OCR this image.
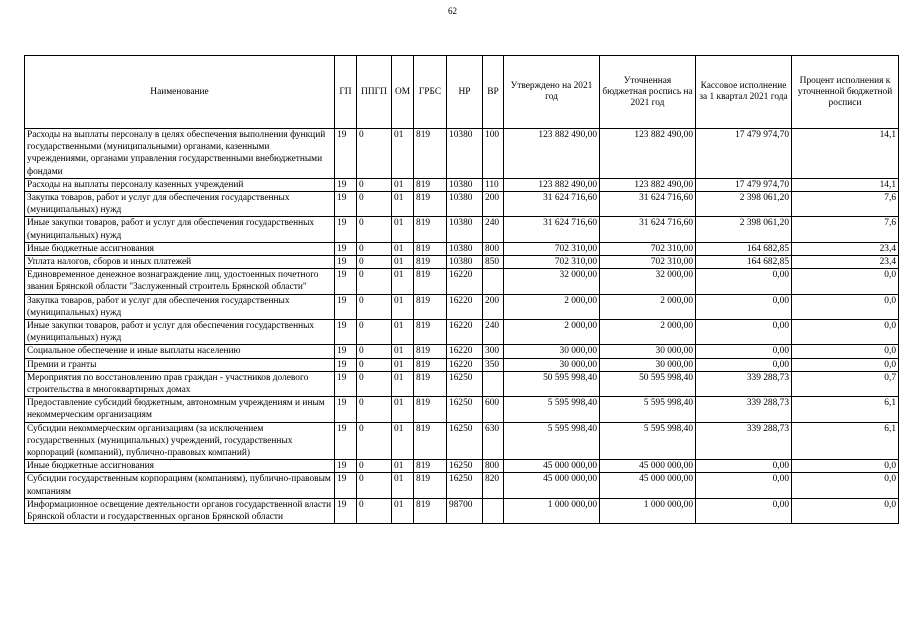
62
Наименование	ГП	ППГП	ОМ	ГРБС	НР	ВР	Утверждено на 2021 год	Уточненная бюджетная роспись на 2021 год	Кассовое исполнение за 1 квартал 2021 года	Процент исполнения к уточненной бюджетной росписи
Расходы на выплаты персоналу в целях обеспечения выполнения функций государственными (муниципальными) органами, казенными учреждениями, органами управления государственными внебюджетными фондами	19	0	01	819	10380	100	123 882 490,00	123 882 490,00	17 479 974,70	14,1
Расходы на выплаты персоналу казенных учреждений	19	0	01	819	10380	110	123 882 490,00	123 882 490,00	17 479 974,70	14,1
Закупка товаров, работ и услуг для обеспечения государственных (муниципальных) нужд	19	0	01	819	10380	200	31 624 716,60	31 624 716,60	2 398 061,20	7,6
Иные закупки товаров, работ и услуг для обеспечения государственных (муниципальных) нужд	19	0	01	819	10380	240	31 624 716,60	31 624 716,60	2 398 061,20	7,6
Иные бюджетные ассигнования	19	0	01	819	10380	800	702 310,00	702 310,00	164 682,85	23,4
Уплата налогов, сборов и иных платежей	19	0	01	819	10380	850	702 310,00	702 310,00	164 682,85	23,4
Единовременное денежное вознаграждение лиц, удостоенных почетного звания Брянской области "Заслуженный строитель Брянской области"	19	0	01	819	16220		32 000,00	32 000,00	0,00	0,0
Закупка товаров, работ и услуг для обеспечения государственных (муниципальных) нужд	19	0	01	819	16220	200	2 000,00	2 000,00	0,00	0,0
Иные закупки товаров, работ и услуг для обеспечения государственных (муниципальных) нужд	19	0	01	819	16220	240	2 000,00	2 000,00	0,00	0,0
Социальное обеспечение и иные выплаты населению	19	0	01	819	16220	300	30 000,00	30 000,00	0,00	0,0
Премии и гранты	19	0	01	819	16220	350	30 000,00	30 000,00	0,00	0,0
Мероприятия по восстановлению прав граждан - участников долевого строительства в многоквартирных домах	19	0	01	819	16250		50 595 998,40	50 595 998,40	339 288,73	0,7
Предоставление субсидий бюджетным, автономным учреждениям и иным некоммерческим организациям	19	0	01	819	16250	600	5 595 998,40	5 595 998,40	339 288,73	6,1
Субсидии некоммерческим организациям (за исключением государственных (муниципальных) учреждений, государственных корпораций (компаний), публично-правовых компаний)	19	0	01	819	16250	630	5 595 998,40	5 595 998,40	339 288,73	6,1
Иные бюджетные ассигнования	19	0	01	819	16250	800	45 000 000,00	45 000 000,00	0,00	0,0
Субсидии государственным корпорациям (компаниям), публично-правовым компаниям	19	0	01	819	16250	820	45 000 000,00	45 000 000,00	0,00	0,0
Информационное освещение деятельности органов государственной власти Брянской области и государственных органов Брянской области	19	0	01	819	98700		1 000 000,00	1 000 000,00	0,00	0,0
